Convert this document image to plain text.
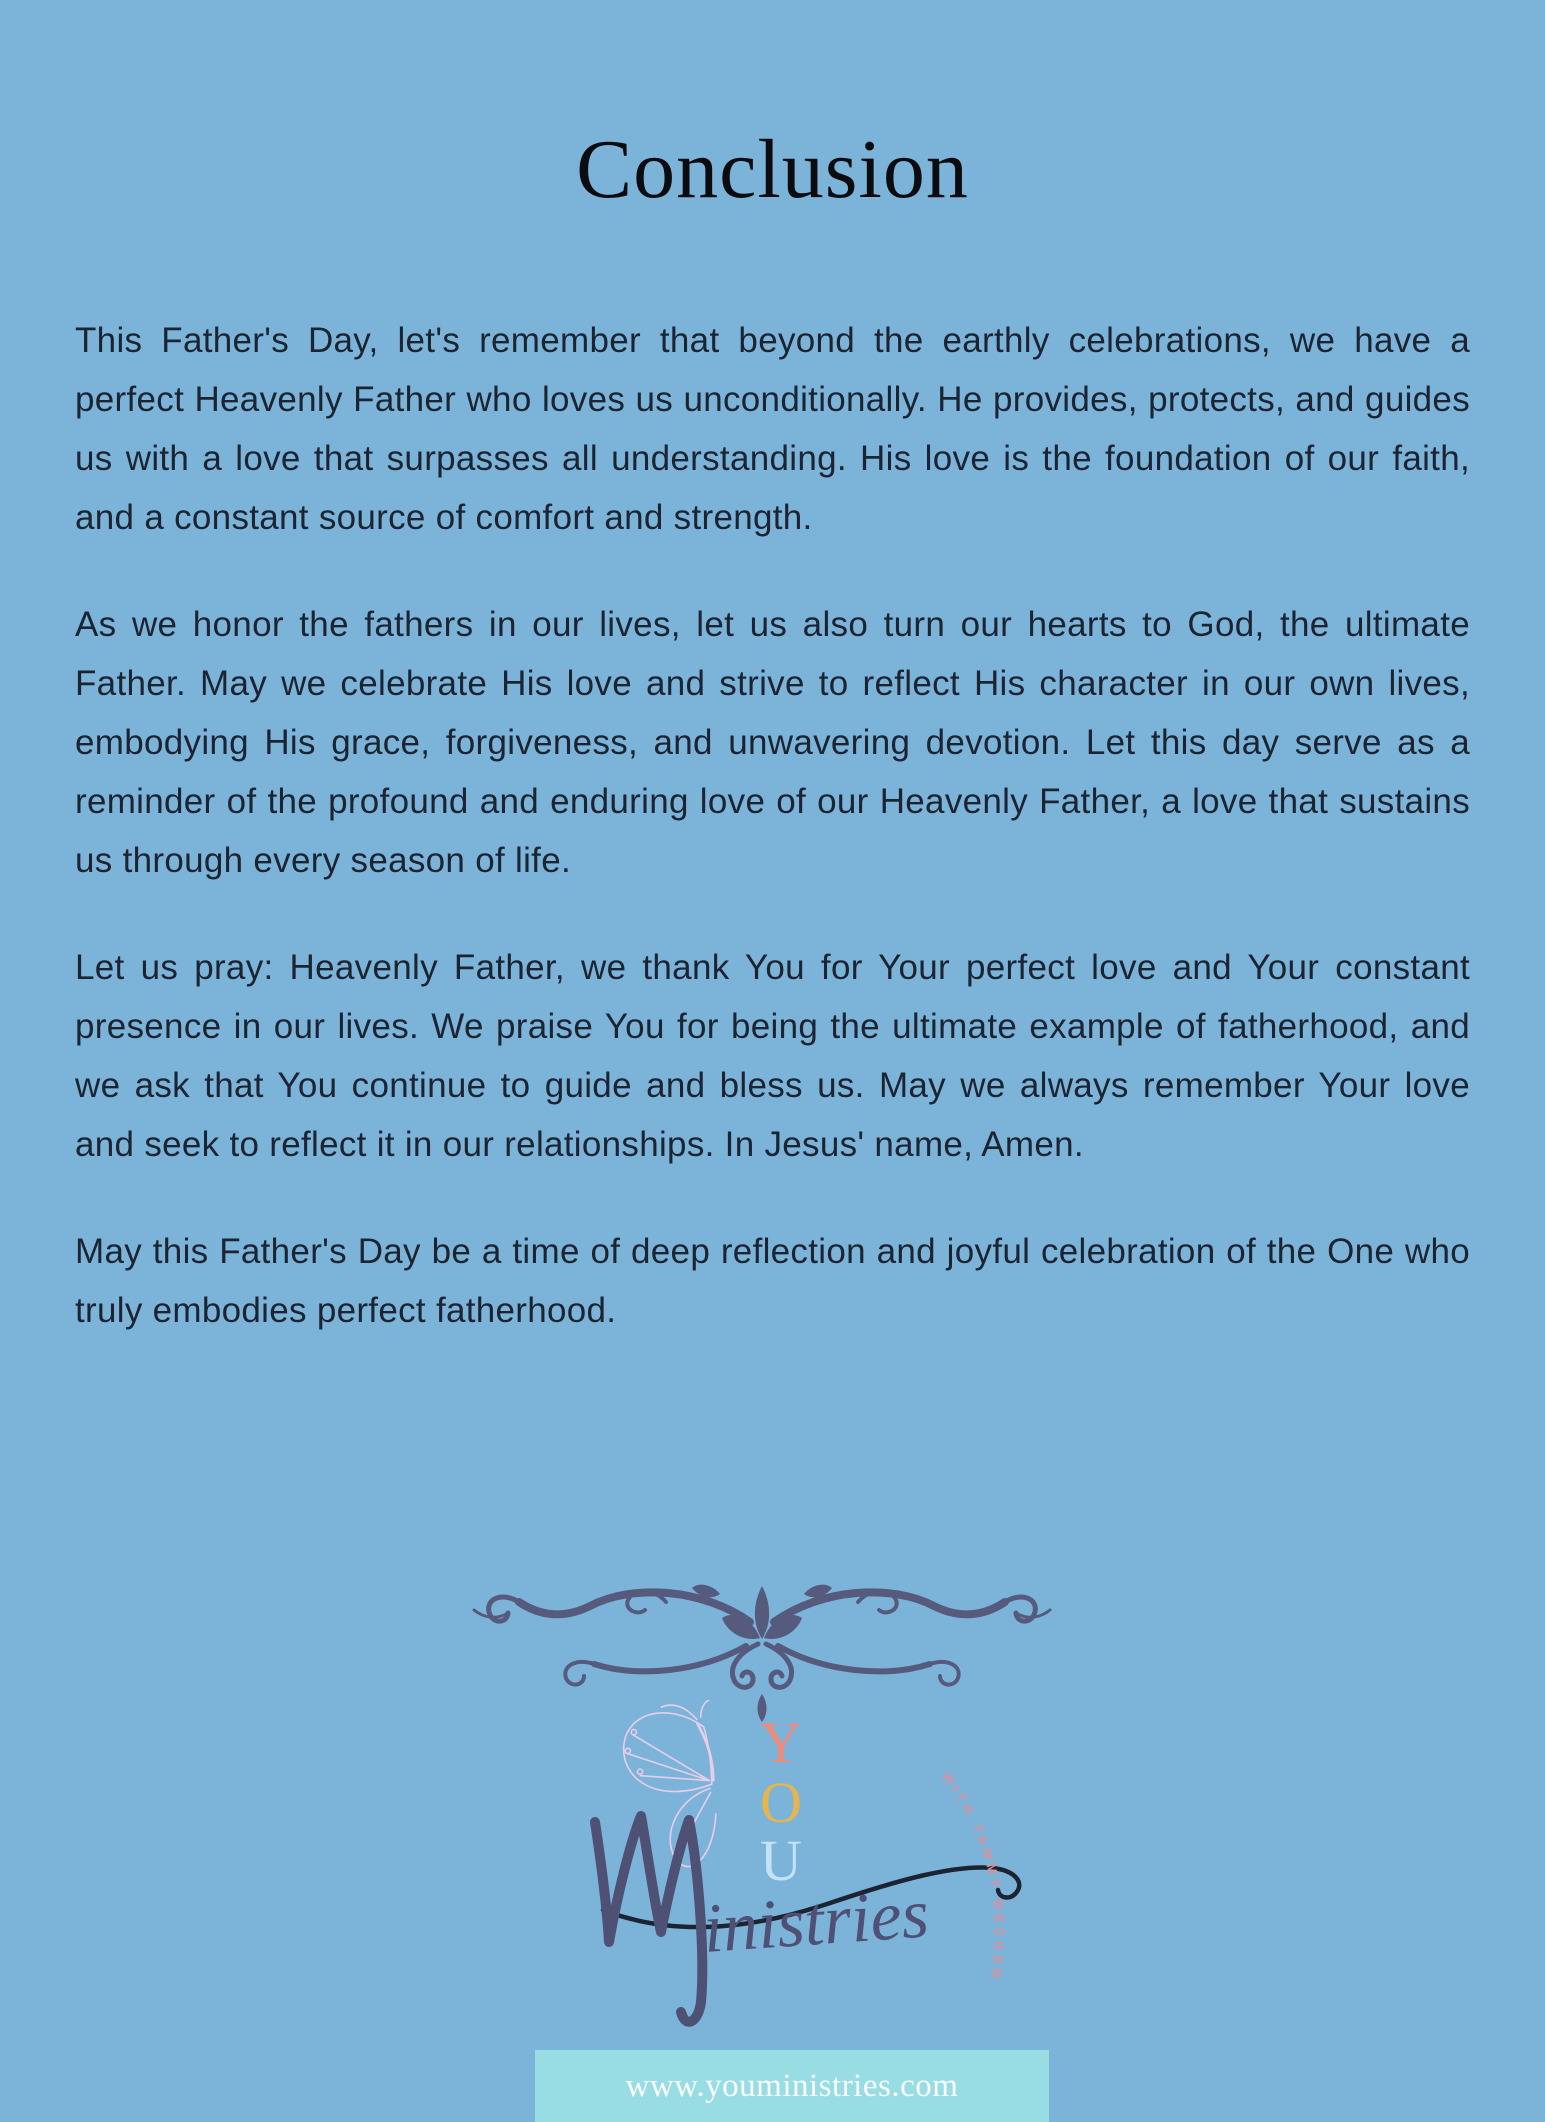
Conclusion

This Father's Day, let's remember that beyond the earthly celebrations, we have a perfect Heavenly Father who loves us unconditionally. He provides, protects, and guides us with a love that surpasses all understanding. His love is the foundation of our faith, and a constant source of comfort and strength.

As we honor the fathers in our lives, let us also turn our hearts to God, the ultimate Father. May we celebrate His love and strive to reflect His character in our own lives, embodying His grace, forgiveness, and unwavering devotion. Let this day serve as a reminder of the profound and enduring love of our Heavenly Father, a love that sustains us through every season of life.

Let us pray: Heavenly Father, we thank You for Your perfect love and Your constant presence in our lives. We praise You for being the ultimate example of fatherhood, and we ask that You continue to guide and bless us. May we always remember Your love and seek to reflect it in our relationships. In Jesus' name, Amen.

May this Father's Day be a time of deep reflection and joyful celebration of the One who truly embodies perfect fatherhood.

Y
O
U
inistries
WITH TAMMY BECKER
www.youministries.com
